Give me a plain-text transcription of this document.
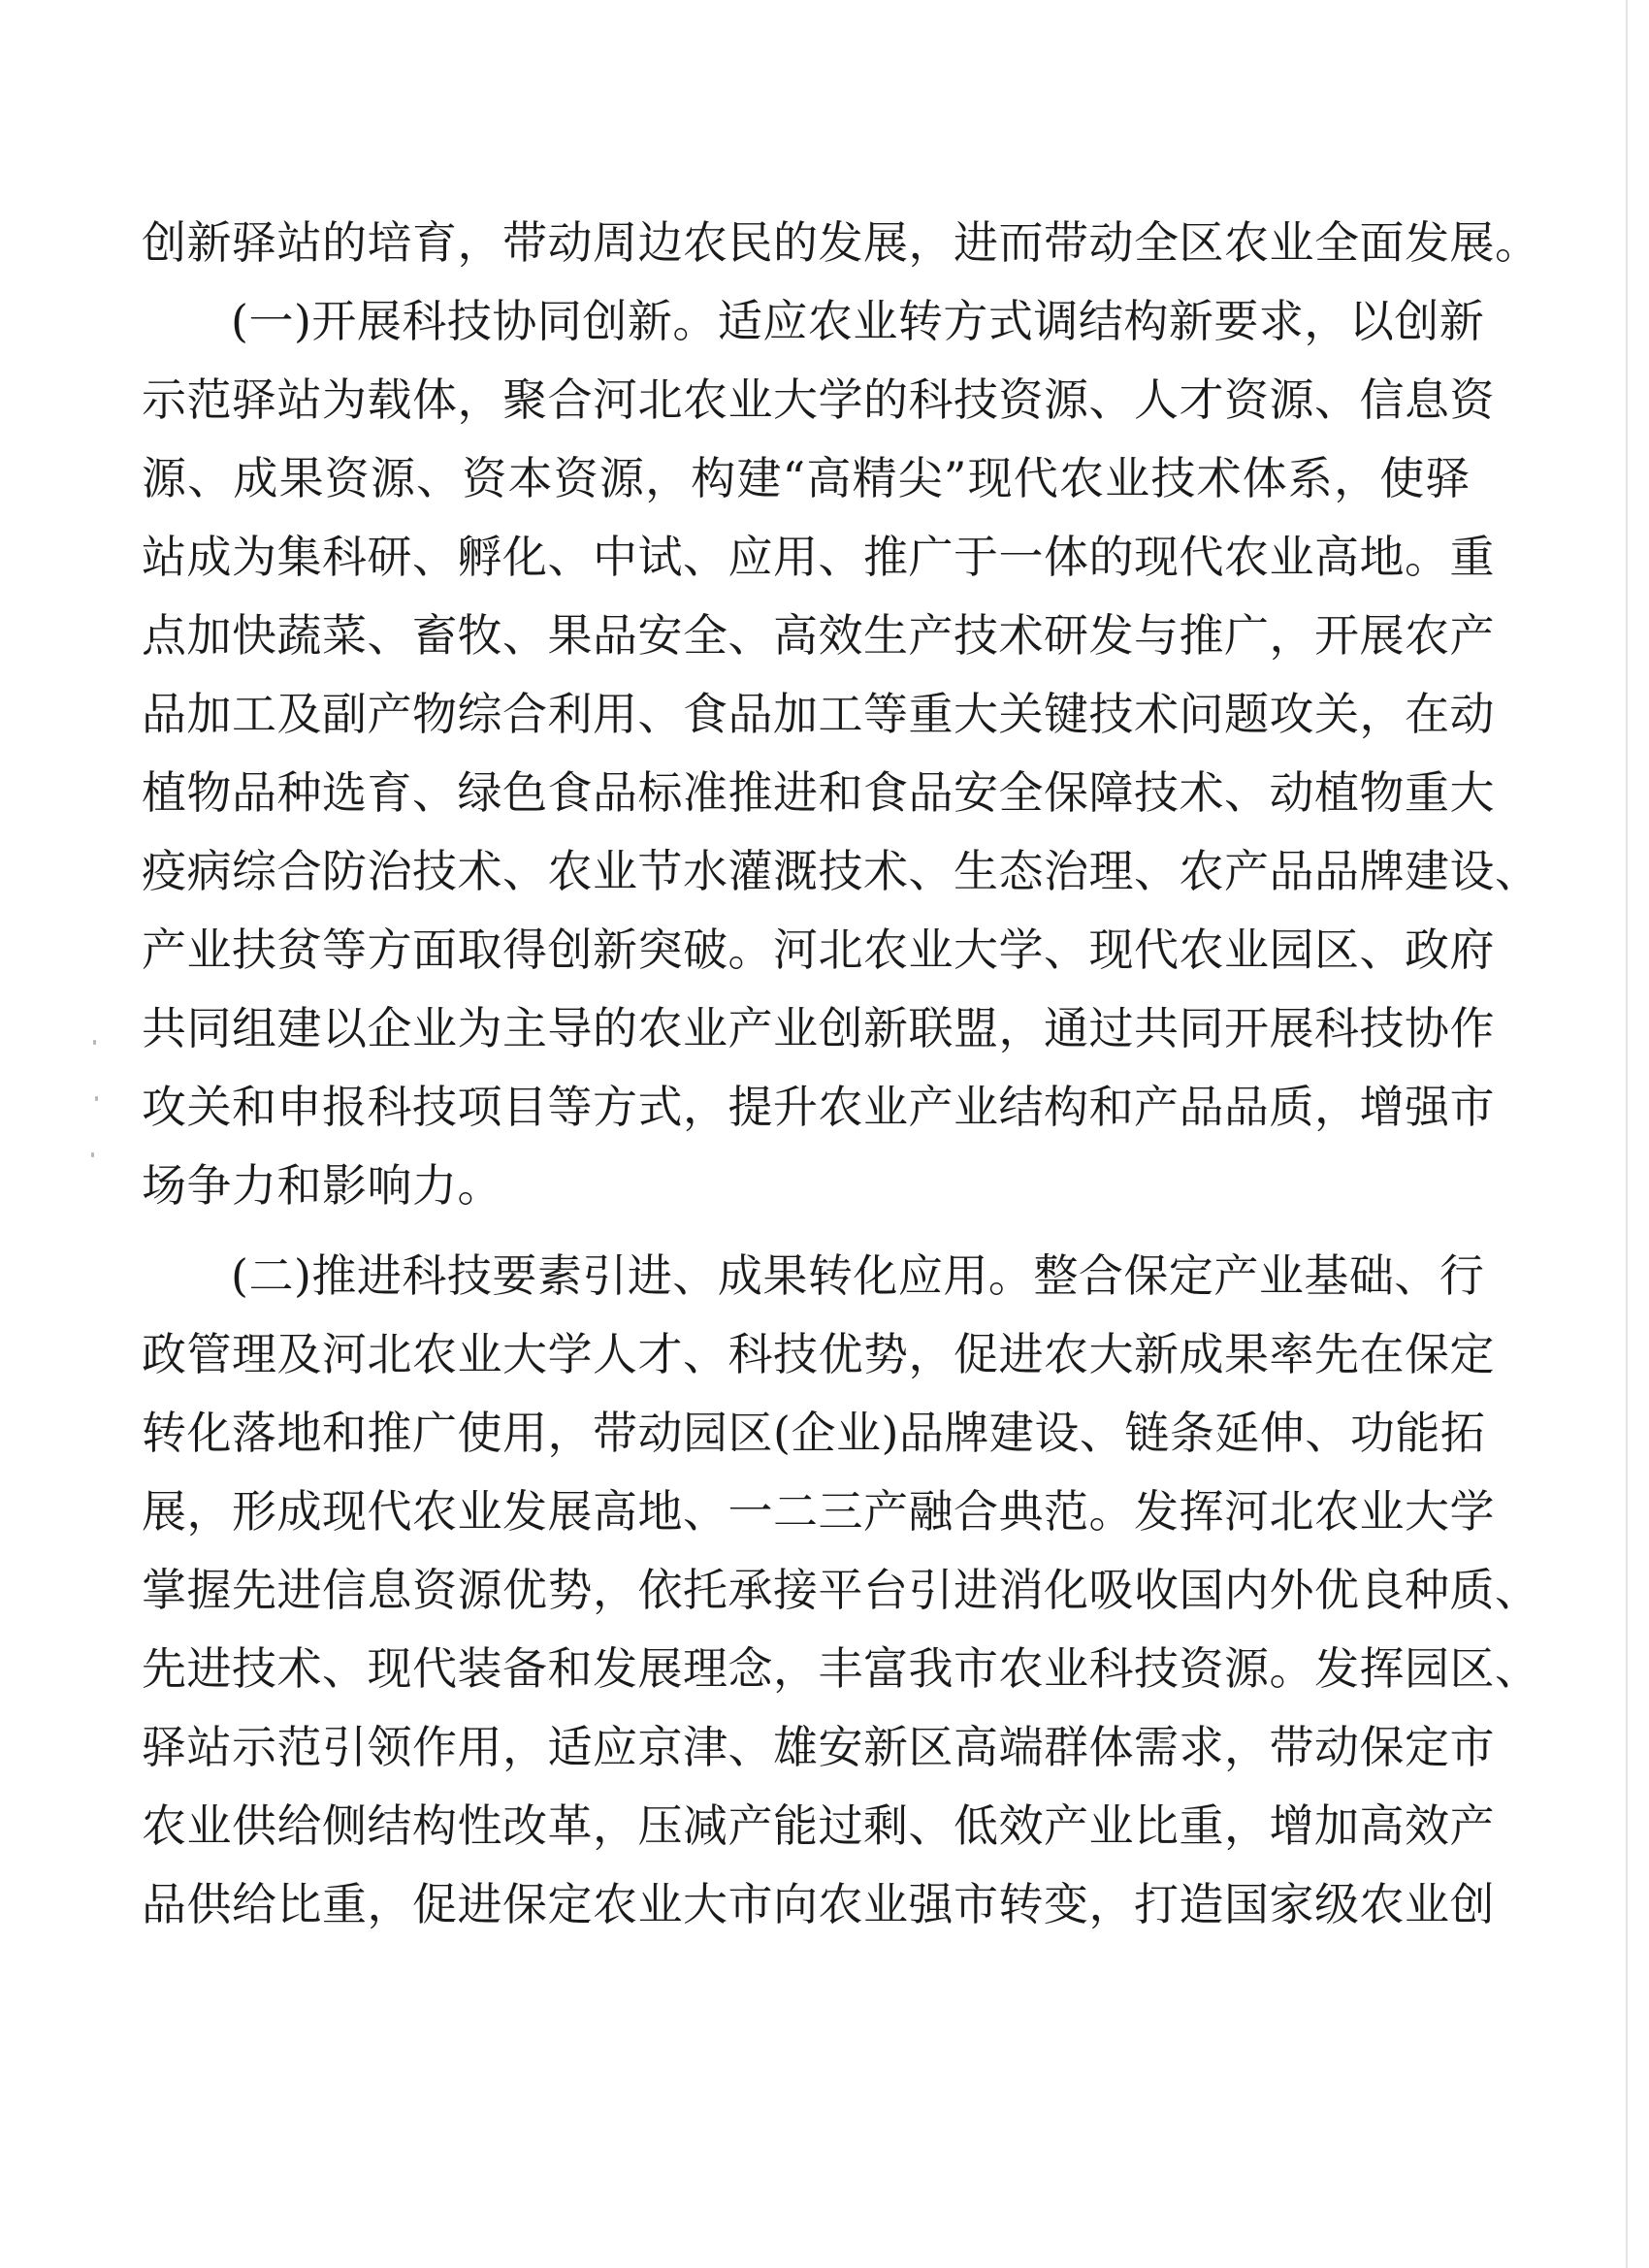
创新驿站的培育，带动周边农民的发展，进而带动全区农业全面发展。
(一)开展科技协同创新。适应农业转方式调结构新要求，以创新
示范驿站为载体，聚合河北农业大学的科技资源、人才资源、信息资
源、成果资源、资本资源，构建“高精尖”现代农业技术体系，使驿
站成为集科研、孵化、中试、应用、推广于一体的现代农业高地。重
点加快蔬菜、畜牧、果品安全、高效生产技术研发与推广，开展农产
品加工及副产物综合利用、食品加工等重大关键技术问题攻关，在动
植物品种选育、绿色食品标准推进和食品安全保障技术、动植物重大
疫病综合防治技术、农业节水灌溉技术、生态治理、农产品品牌建设、
产业扶贫等方面取得创新突破。河北农业大学、现代农业园区、政府
共同组建以企业为主导的农业产业创新联盟，通过共同开展科技协作
攻关和申报科技项目等方式，提升农业产业结构和产品品质，增强市
场争力和影响力。
(二)推进科技要素引进、成果转化应用。整合保定产业基础、行
政管理及河北农业大学人才、科技优势，促进农大新成果率先在保定
转化落地和推广使用，带动园区(企业)品牌建设、链条延伸、功能拓
展，形成现代农业发展高地、一二三产融合典范。发挥河北农业大学
掌握先进信息资源优势，依托承接平台引进消化吸收国内外优良种质、
先进技术、现代装备和发展理念，丰富我市农业科技资源。发挥园区、
驿站示范引领作用，适应京津、雄安新区高端群体需求，带动保定市
农业供给侧结构性改革，压减产能过剩、低效产业比重，增加高效产
品供给比重，促进保定农业大市向农业强市转变，打造国家级农业创
